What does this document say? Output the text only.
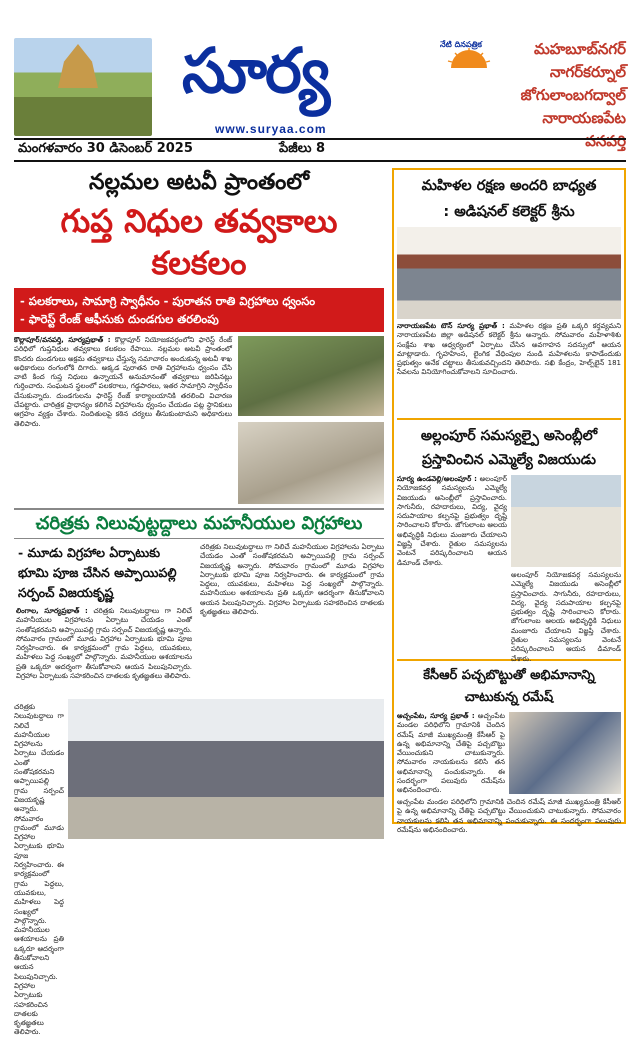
సూర్య	నేటి దినపత్రిక
www.suryaa.com
మహబూబ్‌నగర్
నాగర్‌కర్నూల్
జోగులాంబగద్వాల్
నారాయణపేట
వనపర్తి
మంగళవారం 30 డిసెంబర్ 2025	పేజీలు 8
నల్లమల అటవీ ప్రాంతంలో
గుప్త నిధుల తవ్వకాలు కలకలం
- పలకరాలు, సామాగ్రి స్వాధీనం - పురాతన రాతి విగ్రహాలు ధ్వంసం
- ఫారెస్ట్ రేంజ్ ఆఫీసుకు దుండగుల తరలింపు
కొల్లాపూర్/వనపర్తి, సూర్యప్రభాత్ : కొల్లాపూర్ నియోజకవర్గంలోని ఫారెస్ట్ రేంజ్ పరిధిలో గుప్తనిధుల తవ్వకాలు కలకలం రేపాయి. నల్లమల అటవీ ప్రాంతంలో కొందరు దుండగులు అక్రమ తవ్వకాలు చేస్తున్న సమాచారం అందుకున్న అటవీ శాఖ అధికారులు రంగంలోకి దిగారు. అక్కడ పురాతన రాతి విగ్రహాలను ధ్వంసం చేసి వాటి కింద గుప్త నిధులు ఉన్నాయనే అనుమానంతో తవ్వకాలు జరిపినట్లు గుర్తించారు. సంఘటన స్థలంలో పలకరాలు, గడ్డపారలు, ఇతర సామాగ్రిని స్వాధీనం చేసుకున్నారు. దుండగులను ఫారెస్ట్ రేంజ్ కార్యాలయానికి తరలించి విచారణ చేపట్టారు. చారిత్రక ప్రాధాన్యం కలిగిన విగ్రహాలను ధ్వంసం చేయడం పట్ల స్థానికులు ఆగ్రహం వ్యక్తం చేశారు. నిందితులపై కఠిన చర్యలు తీసుకుంటామని అధికారులు తెలిపారు.
చరిత్రకు నిలువుట్టద్దాలు మహనీయుల విగ్రహాలు
- మూడు విగ్రహాల ఏర్పాటుకు భూమి పూజ చేసిన అప్పాయిపల్లి సర్పంచ్ విజయకృష్ణ
లింగాల, సూర్యప్రభాత్ : చరిత్రకు నిలువుటద్దాలు గా నిలిచే మహనీయుల విగ్రహాలను ఏర్పాటు చేయడం ఎంతో సంతోషకరమని అప్పాయిపల్లి గ్రామ సర్పంచ్ విజయకృష్ణ అన్నారు. సోమవారం గ్రామంలో మూడు విగ్రహాల ఏర్పాటుకు భూమి పూజ నిర్వహించారు. ఈ కార్యక్రమంలో గ్రామ పెద్దలు, యువకులు, మహిళలు పెద్ద సంఖ్యలో పాల్గొన్నారు. మహనీయుల ఆశయాలను ప్రతి ఒక్కరూ ఆదర్శంగా తీసుకోవాలని ఆయన పిలుపునిచ్చారు. విగ్రహాల ఏర్పాటుకు సహకరించిన దాతలకు కృతజ్ఞతలు తెలిపారు.
చరిత్రకు నిలువుటద్దాలు గా నిలిచే మహనీయుల విగ్రహాలను ఏర్పాటు చేయడం ఎంతో సంతోషకరమని అప్పాయిపల్లి గ్రామ సర్పంచ్ విజయకృష్ణ అన్నారు. సోమవారం గ్రామంలో మూడు విగ్రహాల ఏర్పాటుకు భూమి పూజ నిర్వహించారు. ఈ కార్యక్రమంలో గ్రామ పెద్దలు, యువకులు, మహిళలు పెద్ద సంఖ్యలో పాల్గొన్నారు. మహనీయుల ఆశయాలను ప్రతి ఒక్కరూ ఆదర్శంగా తీసుకోవాలని ఆయన పిలుపునిచ్చారు. విగ్రహాల ఏర్పాటుకు సహకరించిన దాతలకు కృతజ్ఞతలు తెలిపారు.
చరిత్రకు నిలువుటద్దాలు గా నిలిచే మహనీయుల విగ్రహాలను ఏర్పాటు చేయడం ఎంతో సంతోషకరమని అప్పాయిపల్లి గ్రామ సర్పంచ్ విజయకృష్ణ అన్నారు. సోమవారం గ్రామంలో మూడు విగ్రహాల ఏర్పాటుకు భూమి పూజ నిర్వహించారు. ఈ కార్యక్రమంలో గ్రామ పెద్దలు, యువకులు, మహిళలు పెద్ద సంఖ్యలో పాల్గొన్నారు. మహనీయుల ఆశయాలను ప్రతి ఒక్కరూ ఆదర్శంగా తీసుకోవాలని ఆయన పిలుపునిచ్చారు. విగ్రహాల ఏర్పాటుకు సహకరించిన దాతలకు కృతజ్ఞతలు తెలిపారు.
మహిళల రక్షణ అందరి బాధ్యత
: అడిషనల్ కలెక్టర్ శ్రీను
నారాయణపేట టౌన్ సూర్య ప్రభాత్ : మహిళల రక్షణ ప్రతి ఒక్కరి కర్తవ్యమని నారాయణపేట జిల్లా అడిషనల్ కలెక్టర్ శ్రీను అన్నారు. సోమవారం మహిళాశిశు సంక్షేమ శాఖ ఆధ్వర్యంలో ఏర్పాటు చేసిన అవగాహన సదస్సులో ఆయన మాట్లాడారు. గృహహింస, లైంగిక వేధింపుల నుండి మహిళలను కాపాడేందుకు ప్రభుత్వం అనేక చట్టాలు తీసుకువచ్చిందని తెలిపారు. సఖి కేంద్రం, హెల్ప్‌లైన్ 181 సేవలను వినియోగించుకోవాలని సూచించారు.
అల్లంపూర్ సమస్యల్పై అసెంబ్లీలో ప్రస్తావించిన ఎమ్మెల్యే విజయుడు
సూర్య ఉండవెల్లి/అలంపూర్ : అలంపూర్ నియోజకవర్గ సమస్యలను ఎమ్మెల్యే విజయుడు అసెంబ్లీలో ప్రస్తావించారు. సాగునీరు, రహదారులు, విద్య, వైద్య సదుపాయాల కల్పనపై ప్రభుత్వం దృష్టి సారించాలని కోరారు. జోగులాంబ ఆలయ అభివృద్ధికి నిధులు మంజూరు చేయాలని విజ్ఞప్తి చేశారు. రైతుల సమస్యలను వెంటనే పరిష్కరించాలని ఆయన డిమాండ్ చేశారు.
అలంపూర్ నియోజకవర్గ సమస్యలను ఎమ్మెల్యే విజయుడు అసెంబ్లీలో ప్రస్తావించారు. సాగునీరు, రహదారులు, విద్య, వైద్య సదుపాయాల కల్పనపై ప్రభుత్వం దృష్టి సారించాలని కోరారు. జోగులాంబ ఆలయ అభివృద్ధికి నిధులు మంజూరు చేయాలని విజ్ఞప్తి చేశారు. రైతుల సమస్యలను వెంటనే పరిష్కరించాలని ఆయన డిమాండ్ చేశారు.
కేసీఆర్ పచ్చబొట్టుతో అభిమానాన్ని చాటుకున్న రమేష్
అచ్చంపేట, సూర్య ప్రభాత్ : అచ్చంపేట మండల పరిధిలోని గ్రామానికి చెందిన రమేష్ మాజీ ముఖ్యమంత్రి కేసీఆర్ పై ఉన్న అభిమానాన్ని చేతిపై పచ్చబొట్టు వేయించుకుని చాటుకున్నారు. సోమవారం నాయకులను కలిసి తన అభిమానాన్ని పంచుకున్నారు. ఈ సందర్భంగా పలువురు రమేష్‌ను అభినందించారు.
అచ్చంపేట మండల పరిధిలోని గ్రామానికి చెందిన రమేష్ మాజీ ముఖ్యమంత్రి కేసీఆర్ పై ఉన్న అభిమానాన్ని చేతిపై పచ్చబొట్టు వేయించుకుని చాటుకున్నారు. సోమవారం నాయకులను కలిసి తన అభిమానాన్ని పంచుకున్నారు. ఈ సందర్భంగా పలువురు రమేష్‌ను అభినందించారు.
